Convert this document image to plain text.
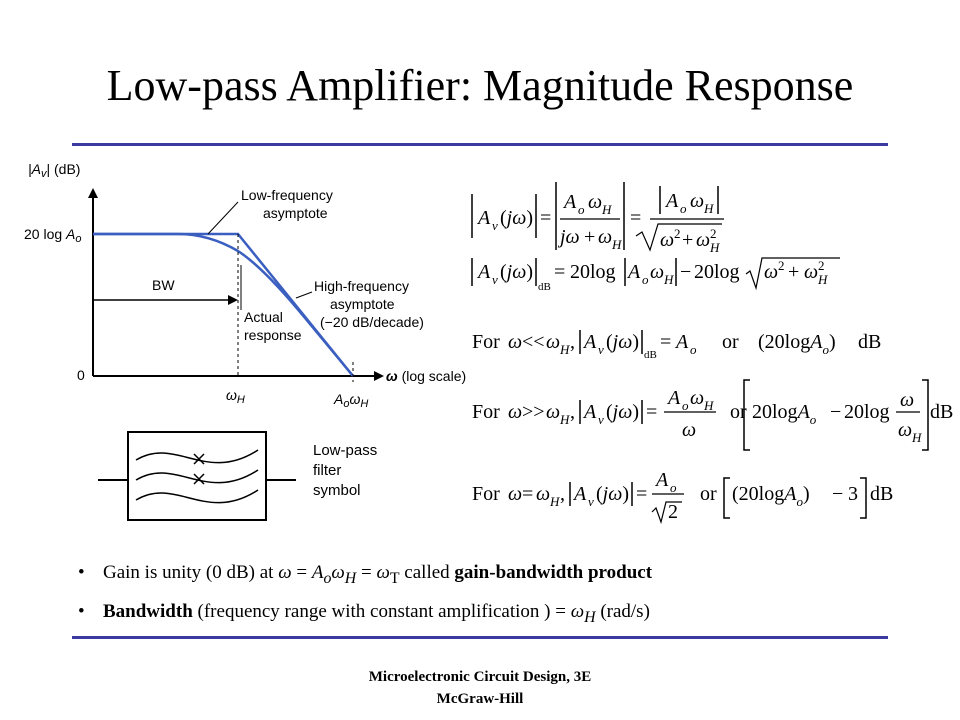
Low-pass Amplifier: Magnitude Response
$|A_v|$ (dB)
20 $\log A_o$
0
BW
Low-frequency asymptote
High-frequency asymptote (−20 dB/decade)
Actual response
ω (log scale)
$\omega_H$	$A_o\omega_H$
Low-pass
filter
symbol
A ν (jω) =
A o ω H
jω + ω H
=
A o ω H
ω 2 + ω 2
H
A ν (jω)
dB
= 20log A o ω H − 20log ω 2 + ω 2
H
For ω << ω H , A ν (jω)
dB
= A o or (20logA$_o$) dB
For ω >> ω H , A ν (jω) =
A o ω H
ω
or 20logA$_o$ − 20log
ω
ω H
dB
For ω = ω H , A ν (jω) =
A o
2
or (20logA$_o$) − 3 dB
• Gain is unity (0 dB) at $\omega = A_o\omega_H = \omega_T$ called gain-bandwidth product
• Bandwidth (frequency range with constant amplification ) = $\omega_H$ (rad/s)
Microelectronic Circuit Design, 3E
McGraw-Hill
